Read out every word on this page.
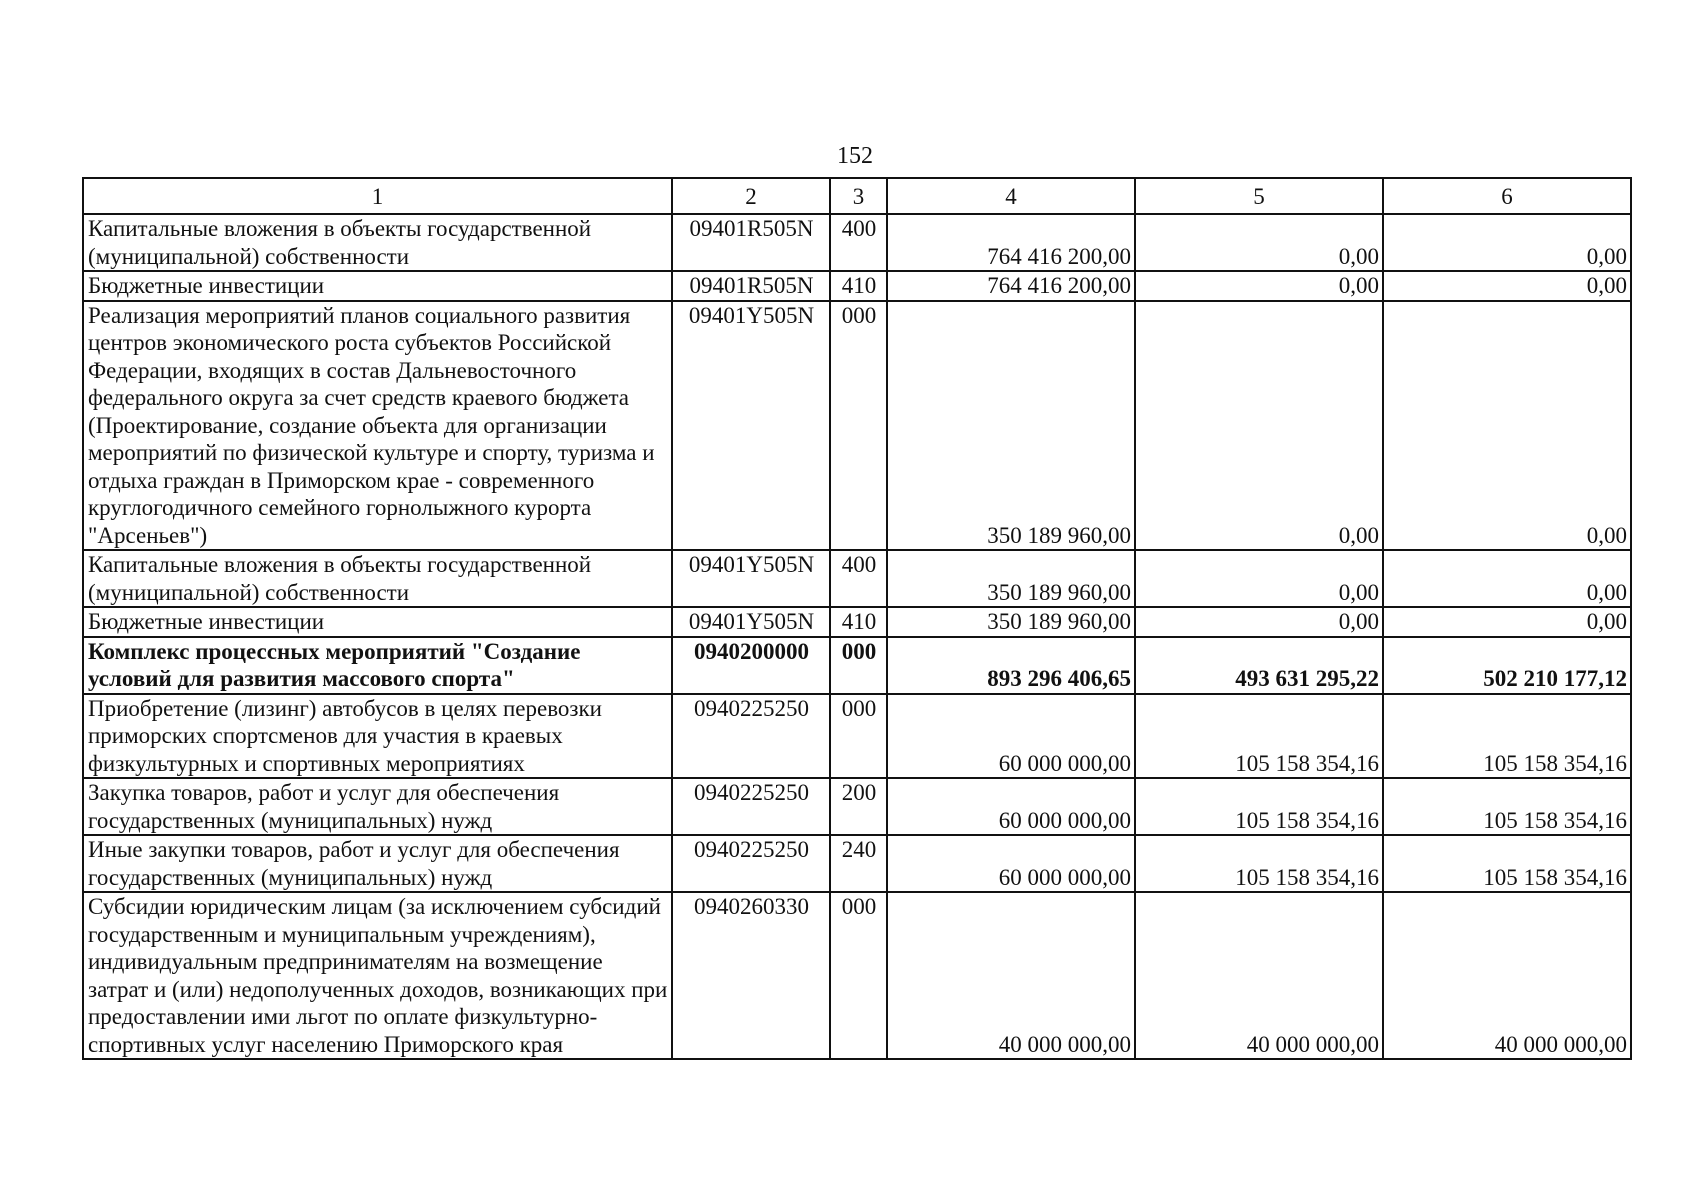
152
1	2	3	4	5	6
Капитальные вложения в объекты государственной (муниципальной) собственности	09401R505N	400	764 416 200,00	0,00	0,00
Бюджетные инвестиции	09401R505N	410	764 416 200,00	0,00	0,00
Реализация мероприятий планов социального развития центров экономического роста субъектов Российской Федерации, входящих в состав Дальневосточного федерального округа за счет средств краевого бюджета (Проектирование, создание объекта для организации мероприятий по физической культуре и спорту, туризма и отдыха граждан в Приморском крае - современного круглогодичного семейного горнолыжного курорта "Арсеньев")	09401Y505N	000	350 189 960,00	0,00	0,00
Капитальные вложения в объекты государственной (муниципальной) собственности	09401Y505N	400	350 189 960,00	0,00	0,00
Бюджетные инвестиции	09401Y505N	410	350 189 960,00	0,00	0,00
Комплекс процессных мероприятий "Создание условий для развития массового спорта"	0940200000	000	893 296 406,65	493 631 295,22	502 210 177,12
Приобретение (лизинг) автобусов в целях перевозки приморских спортсменов для участия в краевых физкультурных и спортивных мероприятиях	0940225250	000	60 000 000,00	105 158 354,16	105 158 354,16
Закупка товаров, работ и услуг для обеспечения государственных (муниципальных) нужд	0940225250	200	60 000 000,00	105 158 354,16	105 158 354,16
Иные закупки товаров, работ и услуг для обеспечения государственных (муниципальных) нужд	0940225250	240	60 000 000,00	105 158 354,16	105 158 354,16
Субсидии юридическим лицам (за исключением субсидий государственным и муниципальным учреждениям), индивидуальным предпринимателям на возмещение затрат и (или) недополученных доходов, возникающих при предоставлении ими льгот по оплате физкультурно-спортивных услуг населению Приморского края	0940260330	000	40 000 000,00	40 000 000,00	40 000 000,00
